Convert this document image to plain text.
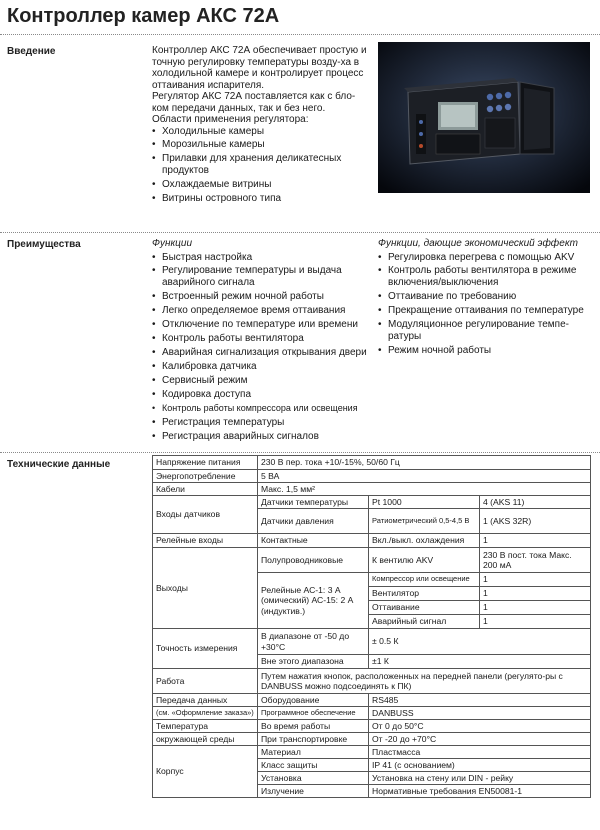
Контроллер камер АКС 72А
Введение	Контроллер АКС 72А обеспечивает простую и точную регулировку температуры возду-ха в холодильной камере и контролирует процесс оттаивания испарителя.

Регулятор АКС 72А поставляется как с бло-ком передачи данных, так и без него.

Области применения регулятора:

• Холодильные камеры
• Морозильные камеры
• Прилавки для хранения деликатесных продуктов
• Охлаждаемые витрины
• Витрины островного типа
Преимущества	Функции
• Быстрая настройка
• Регулирование температуры и выдача аварийного сигнала
• Встроенный режим ночной работы
• Легко определяемое время оттаивания
• Отключение по температуре или времени
• Контроль работы вентилятора
• Аварийная сигнализация открывания двери
• Калибровка датчика
• Сервисный режим
• Кодировка доступа
• Контроль работы компрессора или освещения
• Регистрация температуры
• Регистрация аварийных сигналов
Функции, дающие экономический эффект
• Регулировка перегрева с помощью AKV
• Контроль работы вентилятора в режиме включения/выключения
• Оттаивание по требованию
• Прекращение оттаивания по температуре
• Модуляционное регулирование темпе-ратуры
• Режим ночной работы
Технические данные	Напряжение питания	230 В пер. тока +10/-15%, 50/60 Гц		
Энергопотребление	5 ВА		
Кабели	Макс. 1,5 мм²		
Входы датчиков	Датчики температуры	Pt 1000	4 (AKS 11)
	Датчики давления	Ратиометрический 0,5-4,5 В	1 (AKS 32R)
Релейные входы	Контактные	Вкл./выкл. охлаждения	1
Выходы	Полупроводниковые	К вентилю AKV	230 В пост. тока Макс. 200 мА
	Релейные АС-1: 3 А (омический) АС-15: 2 А (индуктив.)	Компрессор или освещение	1
		Вентилятор	1
		Оттаивание	1
		Аварийный сигнал	1
Точность измерения	В диапазоне от -50 до +30°С	± 0.5 К	
	Вне этого диапазона	±1 К	
Работа	Путем нажатия кнопок, расположенных на передней панели (регулято-ры с DANBUSS можно подсоединять к ПК)		
Передача данных	Оборудование	RS485	
(см. «Оформление заказа»)	Программное обеспечение	DANBUSS	
Температура	Во время работы	От 0 до 50°С	
окружающей среды	При транспортировке	От -20 до +70°С	
Корпус	Материал	Пластмасса	
	Класс защиты	IP 41 (с основанием)	
	Установка	Установка на стену или DIN - рейку	
	Излучение	Нормативные требования EN50081-1	
